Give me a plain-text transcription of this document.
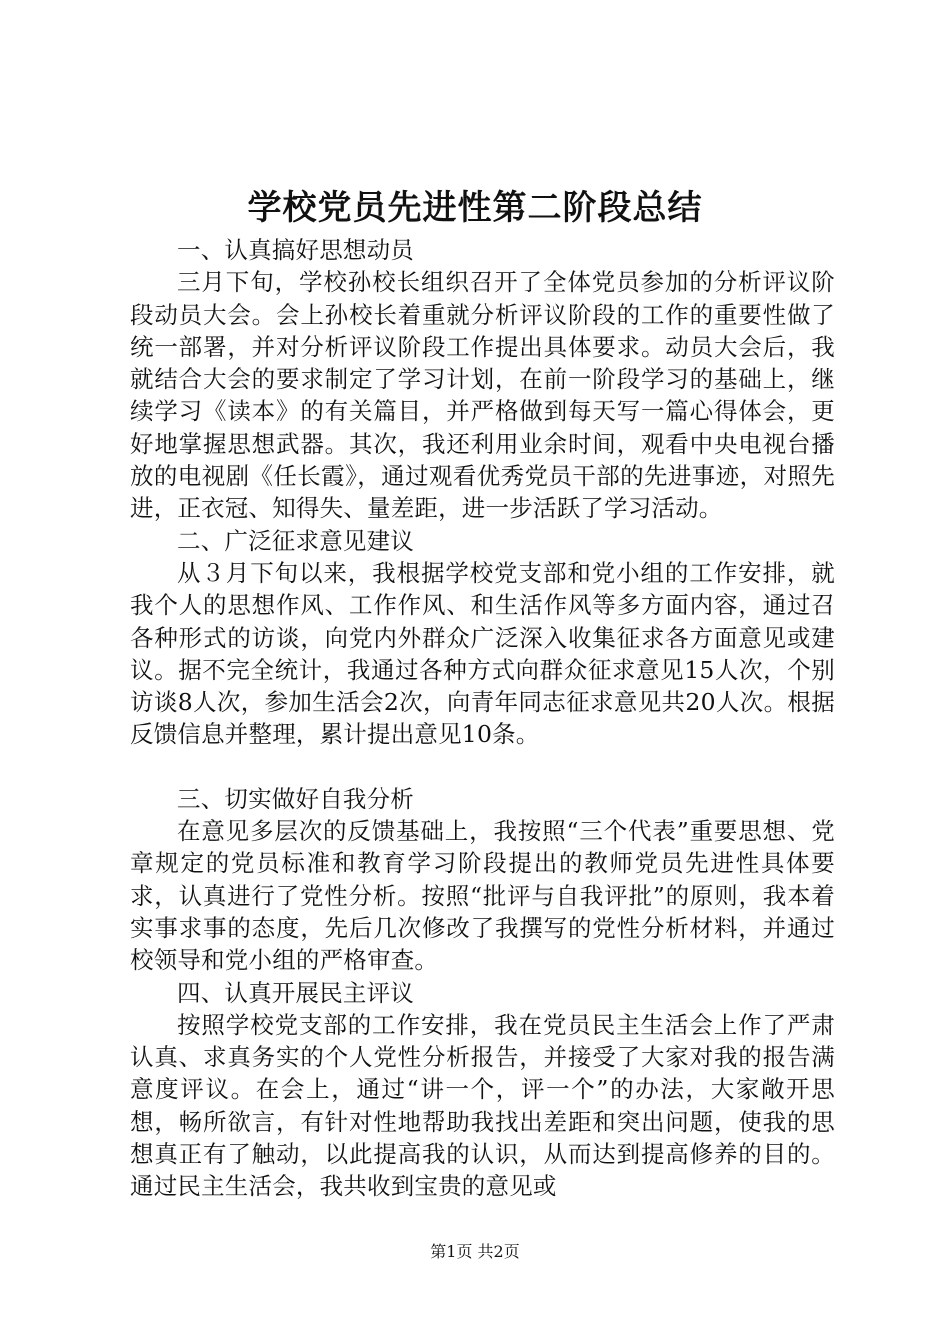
学校党员先进性第二阶段总结

一、认真搞好思想动员

三月下旬，学校孙校长组织召开了全体党员参加的分析评议阶段动员大会。会上孙校长着重就分析评议阶段的工作的重要性做了统一部署，并对分析评议阶段工作提出具体要求。动员大会后，我就结合大会的要求制定了学习计划，在前一阶段学习的基础上，继续学习《读本》的有关篇目，并严格做到每天写一篇心得体会，更好地掌握思想武器。其次，我还利用业余时间，观看中央电视台播放的电视剧《任长霞》，通过观看优秀党员干部的先进事迹，对照先进，正衣冠、知得失、量差距，进一步活跃了学习活动。

二、广泛征求意见建议

从３月下旬以来，我根据学校党支部和党小组的工作安排，就我个人的思想作风、工作作风、和生活作风等多方面内容，通过召各种形式的访谈，向党内外群众广泛深入收集征求各方面意见或建议。据不完全统计，我通过各种方式向群众征求意见15人次，个别访谈8人次，参加生活会2次，向青年同志征求意见共20人次。根据反馈信息并整理，累计提出意见10条。

三、切实做好自我分析

在意见多层次的反馈基础上，我按照“三个代表”重要思想、党章规定的党员标准和教育学习阶段提出的教师党员先进性具体要求，认真进行了党性分析。按照“批评与自我评批”的原则，我本着实事求事的态度，先后几次修改了我撰写的党性分析材料，并通过校领导和党小组的严格审查。

四、认真开展民主评议

按照学校党支部的工作安排，我在党员民主生活会上作了严肃认真、求真务实的个人党性分析报告，并接受了大家对我的报告满意度评议。在会上，通过“讲一个，评一个”的办法，大家敞开思想，畅所欲言，有针对性地帮助我找出差距和突出问题，使我的思想真正有了触动，以此提高我的认识，从而达到提高修养的目的。通过民主生活会，我共收到宝贵的意见或

第1页 共2页
